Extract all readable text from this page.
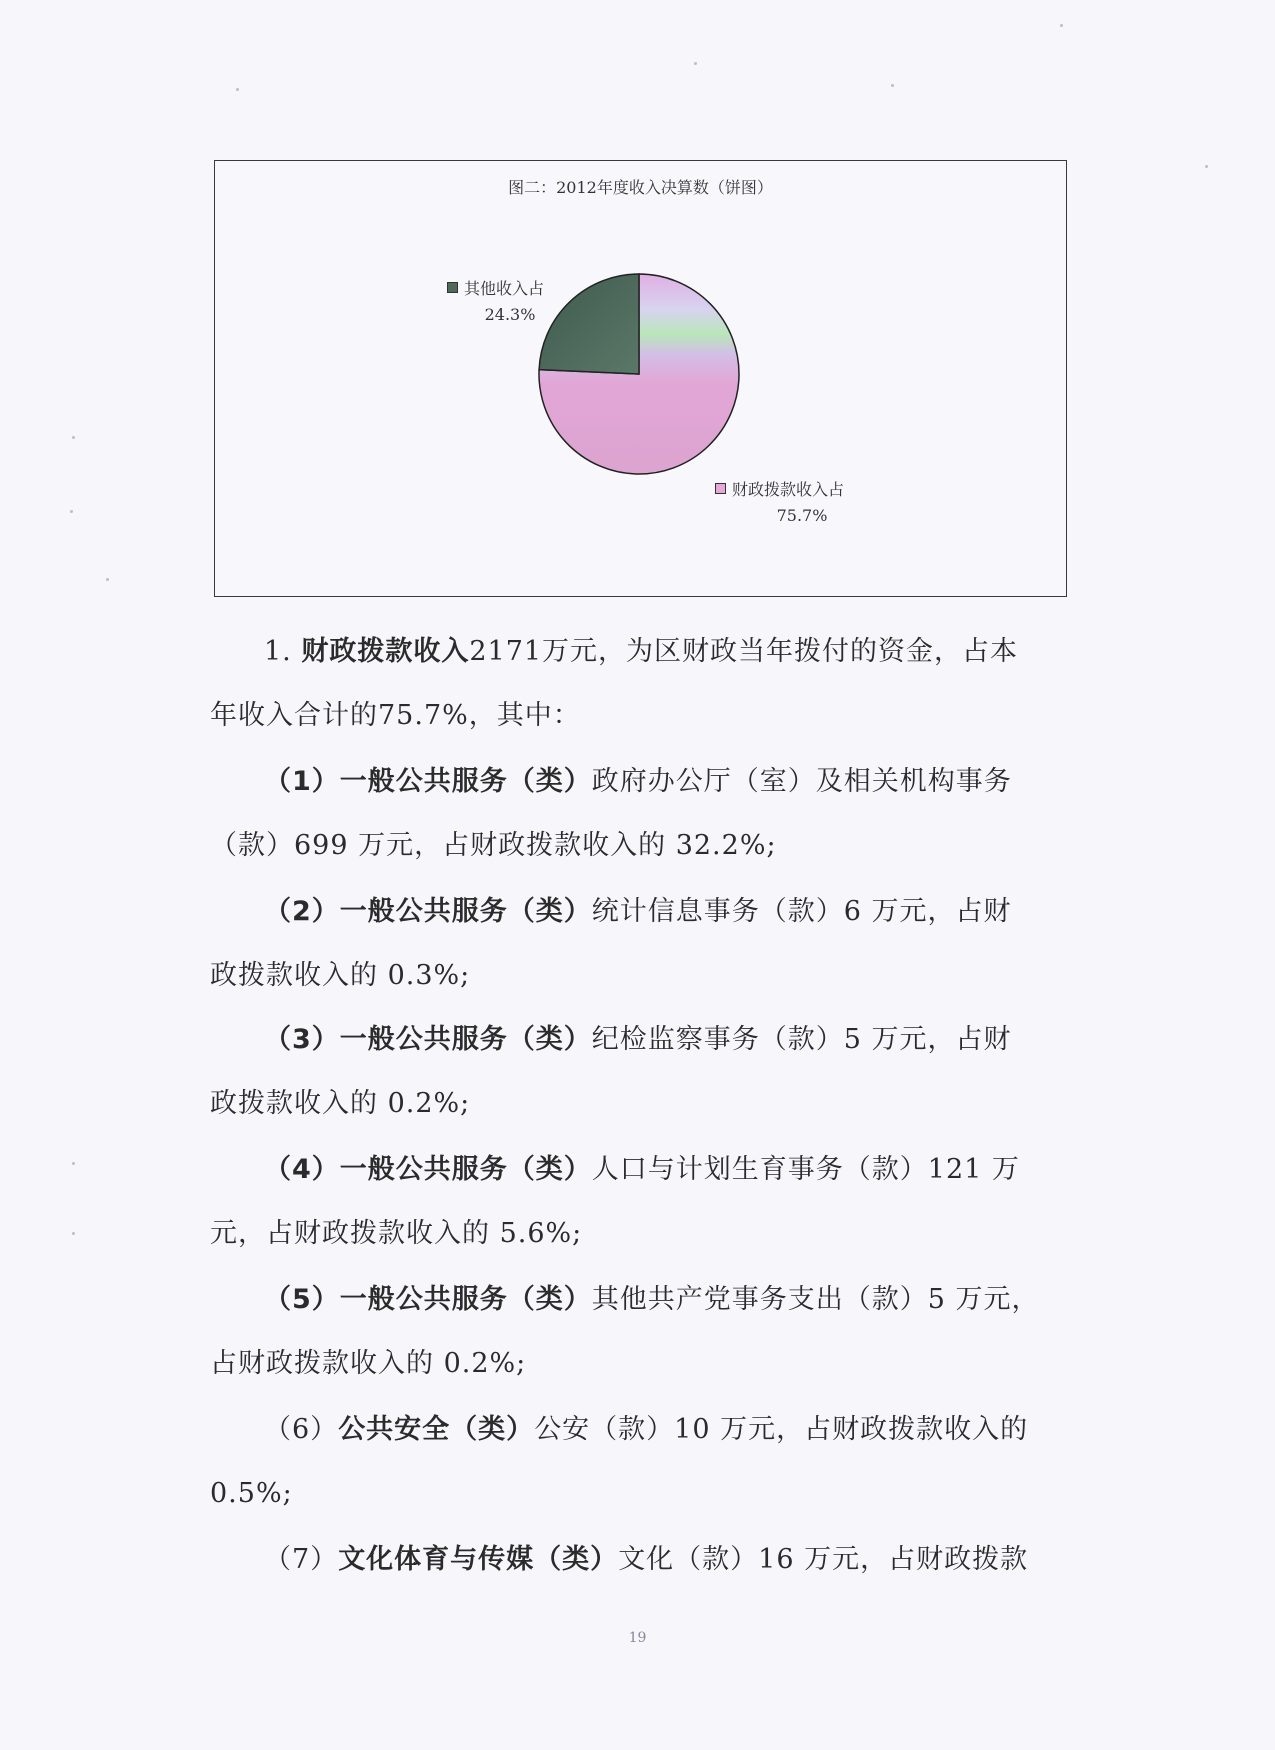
图二：2012年度收入决算数（饼图）
其他收入占
24.3%
财政拨款收入占
75.7%
1. 财政拨款收入2171万元，为区财政当年拨付的资金，占本
年收入合计的75.7%，其中：
（1）一般公共服务（类）政府办公厅（室）及相关机构事务
（款）699 万元，占财政拨款收入的 32.2%;
（2）一般公共服务（类）统计信息事务（款）6 万元，占财
政拨款收入的 0.3%;
（3）一般公共服务（类）纪检监察事务（款）5 万元，占财
政拨款收入的 0.2%;
（4）一般公共服务（类）人口与计划生育事务（款）121 万
元，占财政拨款收入的 5.6%;
（5）一般公共服务（类）其他共产党事务支出（款）5 万元，
占财政拨款收入的 0.2%;
（6）公共安全（类）公安（款）10 万元，占财政拨款收入的
0.5%;
（7）文化体育与传媒（类）文化（款）16 万元，占财政拨款
19
